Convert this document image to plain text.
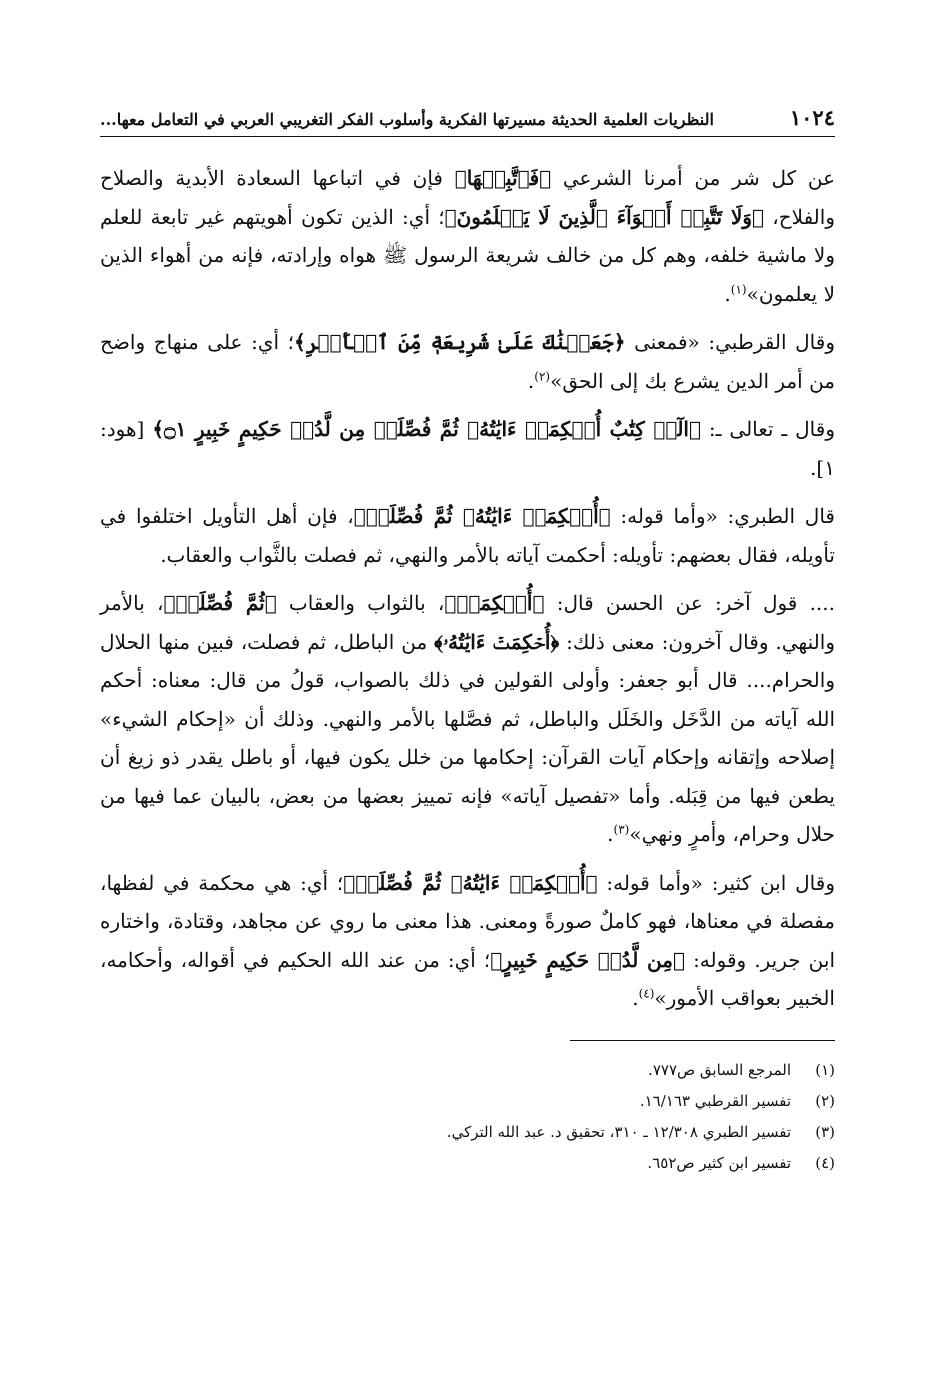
١٠٢٤
النظريات العلمية الحديثة مسيرتها الفكرية وأسلوب الفكر التغريبي العربي في التعامل معها...

عن كل شر من أمرنا الشرعي ﴿فَٱتَّبِعۡهَا﴾ فإن في اتباعها السعادة الأبدية والصلاح والفلاح، ﴿وَلَا تَتَّبِعۡ أَهۡوَآءَ ٱلَّذِينَ لَا يَعۡلَمُونَ﴾؛ أي: الذين تكون أهويتهم غير تابعة للعلم ولا ماشية خلفه، وهم كل من خالف شريعة الرسول ﷺ هواه وإرادته، فإنه من أهواء الذين لا يعلمون»$^{(١)}$.

وقال القرطبي: «فمعنى ﴿جَعَلۡنَٰكَ عَلَىٰ شَرِيعَةٖ مِّنَ ٱلۡأَمۡرِ﴾؛ أي: على منهاج واضح من أمر الدين يشرع بك إلى الحق»$^{(٢)}$.

وقال ـ تعالى ـ: ﴿الٓرۚ كِتَٰبٌ أُحۡكِمَتۡ ءَايَٰتُهُۥ ثُمَّ فُصِّلَتۡ مِن لَّدُنۡ حَكِيمٍ خَبِيرٍ ۝١﴾ [هود: ١].

قال الطبري: «وأما قوله: ﴿أُحۡكِمَتۡ ءَايَٰتُهُۥ ثُمَّ فُصِّلَتۡ﴾، فإن أهل التأويل اختلفوا في تأويله، فقال بعضهم: تأويله: أحكمت آياته بالأمر والنهي، ثم فصلت بالثَّواب والعقاب.

.... قول آخر: عن الحسن قال: ﴿أُحۡكِمَتۡ﴾، بالثواب والعقاب ﴿ثُمَّ فُصِّلَتۡ﴾، بالأمر والنهي. وقال آخرون: معنى ذلك: ﴿أُحۡكِمَتۡ ءَايَٰتُهُۥ﴾ من الباطل، ثم فصلت، فبين منها الحلال والحرام.... قال أبو جعفر: وأولى القولين في ذلك بالصواب، قولُ من قال: معناه: أحكم الله آياته من الدَّخَل والخَلَل والباطل، ثم فصَّلها بالأمر والنهي. وذلك أن «إحكام الشيء» إصلاحه وإتقانه وإحكام آيات القرآن: إحكامها من خلل يكون فيها، أو باطل يقدر ذو زيغ أن يطعن فيها من قِبَله. وأما «تفصيل آياته» فإنه تمييز بعضها من بعض، بالبيان عما فيها من حلال وحرام، وأمرٍ ونهي»$^{(٣)}$.

وقال ابن كثير: «وأما قوله: ﴿أُحۡكِمَتۡ ءَايَٰتُهُۥ ثُمَّ فُصِّلَتۡ﴾؛ أي: هي محكمة في لفظها، مفصلة في معناها، فهو كاملٌ صورةً ومعنى. هذا معنى ما روي عن مجاهد، وقتادة، واختاره ابن جرير. وقوله: ﴿مِن لَّدُنۡ حَكِيمٍ خَبِيرٍ﴾؛ أي: من عند الله الحكيم في أقواله، وأحكامه، الخبير بعواقب الأمور»$^{(٤)}$.

(١)
المرجع السابق ص٧٧٧.
(٢)
تفسير القرطبي ١٦/١٦٣.
(٣)
تفسير الطبري ١٢/٣٠٨ ـ ٣١٠، تحقيق د. عبد الله التركي.
(٤)
تفسير ابن كثير ص٦٥٢.
